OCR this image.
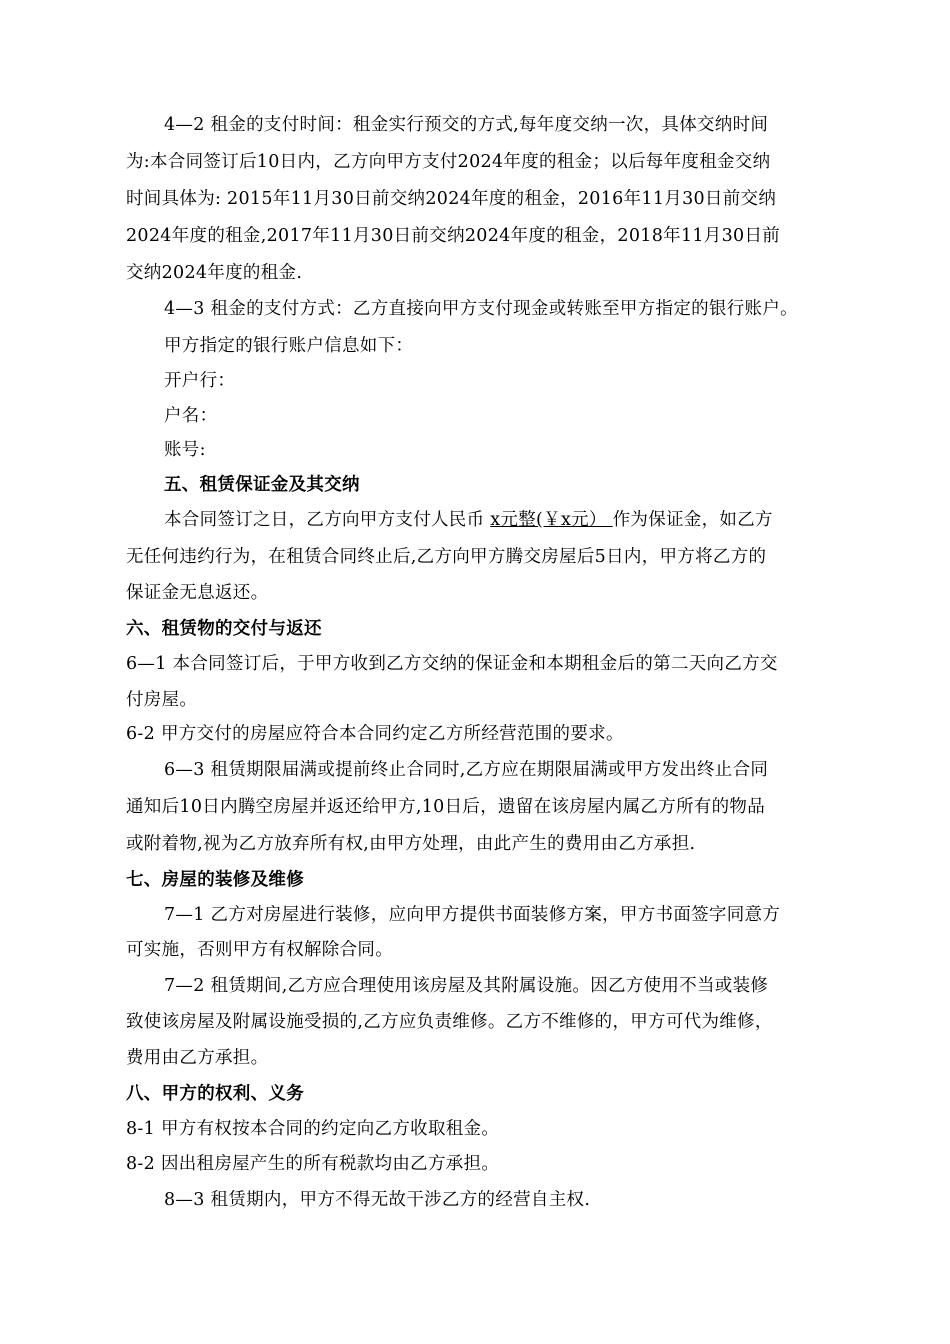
4—2 租金的支付时间：租金实行预交的方式,每年度交纳一次，具体交纳时间
为:本合同签订后10日内，乙方向甲方支付2024年度的租金；以后每年度租金交纳
时间具体为: 2015年11月30日前交纳2024年度的租金，2016年11月30日前交纳
2024年度的租金,2017年11月30日前交纳2024年度的租金，2018年11月30日前
交纳2024年度的租金.
4—3 租金的支付方式：乙方直接向甲方支付现金或转账至甲方指定的银行账户。
甲方指定的银行账户信息如下：
开户行：
户名：
账号:
五、租赁保证金及其交纳
本合同签订之日，乙方向甲方支付人民币 x元整(￥x元） 作为保证金，如乙方
无任何违约行为，在租赁合同终止后,乙方向甲方腾交房屋后5日内，甲方将乙方的
保证金无息返还。
六、租赁物的交付与返还
6—1 本合同签订后，于甲方收到乙方交纳的保证金和本期租金后的第二天向乙方交
付房屋。
6-2 甲方交付的房屋应符合本合同约定乙方所经营范围的要求。
6—3 租赁期限届满或提前终止合同时,乙方应在期限届满或甲方发出终止合同
通知后10日内腾空房屋并返还给甲方,10日后，遗留在该房屋内属乙方所有的物品
或附着物,视为乙方放弃所有权,由甲方处理，由此产生的费用由乙方承担.
七、房屋的装修及维修
7—1 乙方对房屋进行装修，应向甲方提供书面装修方案，甲方书面签字同意方
可实施，否则甲方有权解除合同。
7—2 租赁期间,乙方应合理使用该房屋及其附属设施。因乙方使用不当或装修
致使该房屋及附属设施受损的,乙方应负责维修。乙方不维修的，甲方可代为维修，
费用由乙方承担。
八、甲方的权利、义务
8-1 甲方有权按本合同的约定向乙方收取租金。
8-2 因出租房屋产生的所有税款均由乙方承担。
8—3 租赁期内，甲方不得无故干涉乙方的经营自主权.
